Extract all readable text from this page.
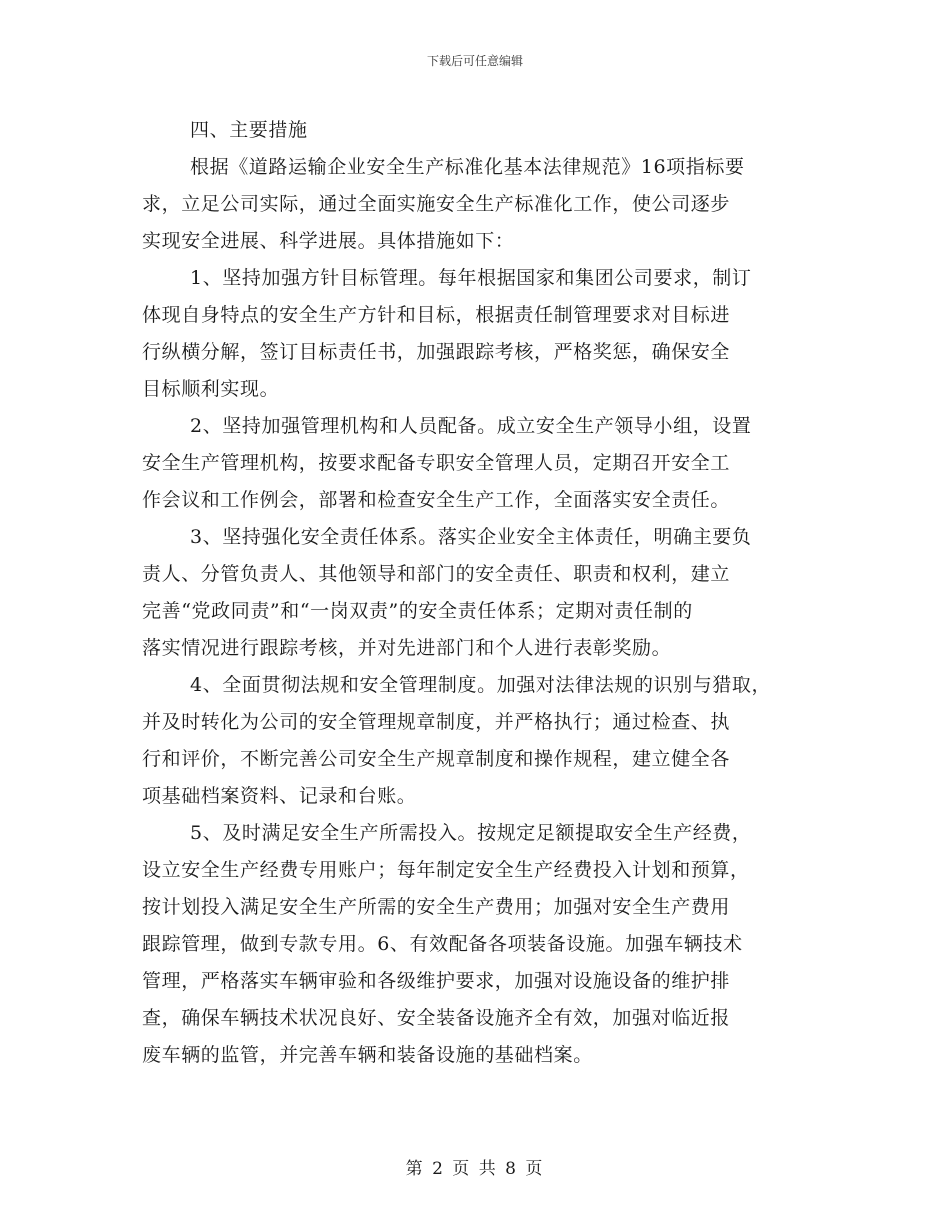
下载后可任意编辑

四、主要措施

根据《道路运输企业安全生产标准化基本法律规范》16项指标要

求，立足公司实际，通过全面实施安全生产标准化工作，使公司逐步

实现安全进展、科学进展。具体措施如下：

1、坚持加强方针目标管理。每年根据国家和集团公司要求，制订

体现自身特点的安全生产方针和目标，根据责任制管理要求对目标进

行纵横分解，签订目标责任书，加强跟踪考核，严格奖惩，确保安全

目标顺利实现。

2、坚持加强管理机构和人员配备。成立安全生产领导小组，设置

安全生产管理机构，按要求配备专职安全管理人员，定期召开安全工

作会议和工作例会，部署和检查安全生产工作，全面落实安全责任。

3、坚持强化安全责任体系。落实企业安全主体责任，明确主要负

责人、分管负责人、其他领导和部门的安全责任、职责和权利，建立

完善“党政同责”和“一岗双责”的安全责任体系；定期对责任制的

落实情况进行跟踪考核，并对先进部门和个人进行表彰奖励。

4、全面贯彻法规和安全管理制度。加强对法律法规的识别与猎取，

并及时转化为公司的安全管理规章制度，并严格执行；通过检查、执

行和评价，不断完善公司安全生产规章制度和操作规程，建立健全各

项基础档案资料、记录和台账。

5、及时满足安全生产所需投入。按规定足额提取安全生产经费，

设立安全生产经费专用账户；每年制定安全生产经费投入计划和预算，

按计划投入满足安全生产所需的安全生产费用；加强对安全生产费用

跟踪管理，做到专款专用。6、有效配备各项装备设施。加强车辆技术

管理，严格落实车辆审验和各级维护要求，加强对设施设备的维护排

查，确保车辆技术状况良好、安全装备设施齐全有效，加强对临近报

废车辆的监管，并完善车辆和装备设施的基础档案。

第 2 页 共 8 页
